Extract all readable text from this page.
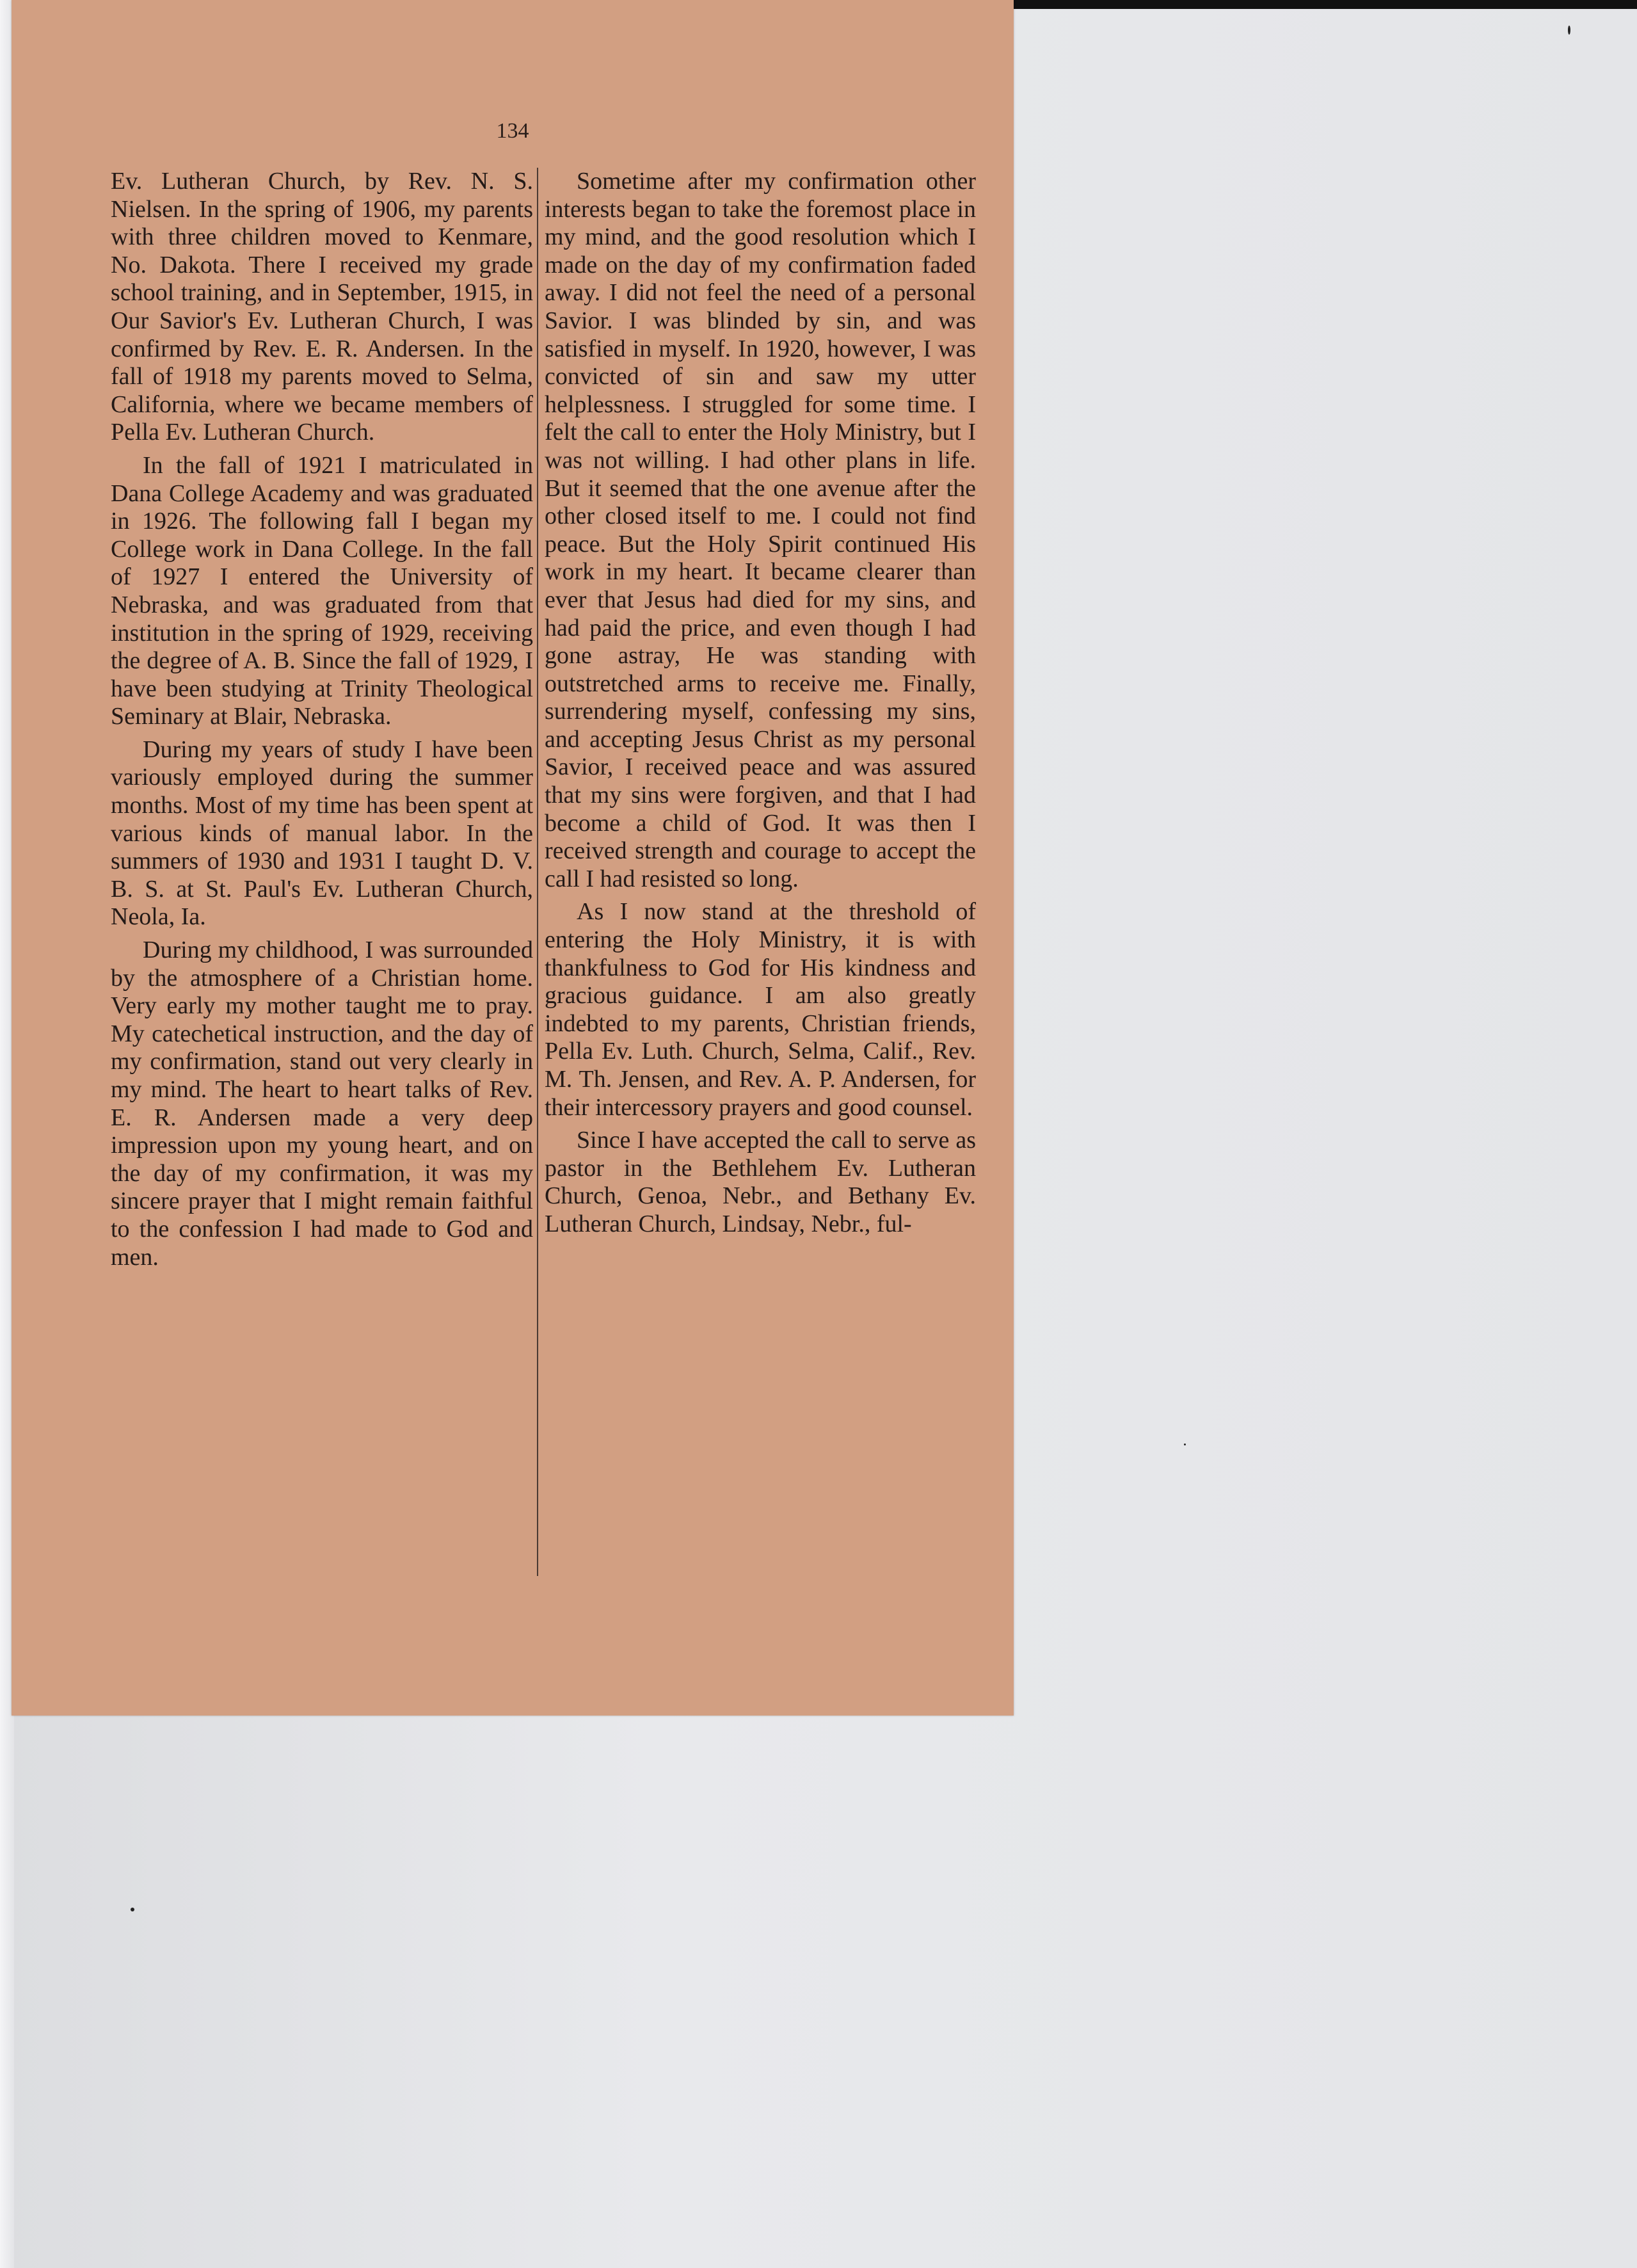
134

Ev. Lutheran Church, by Rev. N. S. Nielsen. In the spring of 1906, my parents with three children moved to Kenmare, No. Dakota. There I received my grade school training, and in September, 1915, in Our Savior's Ev. Lutheran Church, I was confirmed by Rev. E. R. Andersen. In the fall of 1918 my parents moved to Selma, California, where we became members of Pella Ev. Lutheran Church.

In the fall of 1921 I matriculated in Dana College Academy and was graduated in 1926. The following fall I began my College work in Dana College. In the fall of 1927 I entered the University of Nebraska, and was graduated from that institution in the spring of 1929, receiving the degree of A. B. Since the fall of 1929, I have been studying at Trinity Theological Seminary at Blair, Nebraska.

During my years of study I have been variously employed during the summer months. Most of my time has been spent at various kinds of manual labor. In the summers of 1930 and 1931 I taught D. V. B. S. at St. Paul's Ev. Lutheran Church, Neola, Ia.

During my childhood, I was surrounded by the atmosphere of a Christian home. Very early my mother taught me to pray. My catechetical instruction, and the day of my confirmation, stand out very clearly in my mind. The heart to heart talks of Rev. E. R. Andersen made a very deep impression upon my young heart, and on the day of my confirmation, it was my sincere prayer that I might remain faithful to the confession I had made to God and men.

Sometime after my confirmation other interests began to take the foremost place in my mind, and the good resolution which I made on the day of my confirmation faded away. I did not feel the need of a personal Savior. I was blinded by sin, and was satisfied in myself. In 1920, however, I was convicted of sin and saw my utter helplessness. I struggled for some time. I felt the call to enter the Holy Ministry, but I was not willing. I had other plans in life. But it seemed that the one avenue after the other closed itself to me. I could not find peace. But the Holy Spirit continued His work in my heart. It became clearer than ever that Jesus had died for my sins, and had paid the price, and even though I had gone astray, He was standing with outstretched arms to receive me. Finally, surrendering myself, confessing my sins, and accepting Jesus Christ as my personal Savior, I received peace and was assured that my sins were forgiven, and that I had become a child of God. It was then I received strength and courage to accept the call I had resisted so long.

As I now stand at the threshold of entering the Holy Ministry, it is with thankfulness to God for His kindness and gracious guidance. I am also greatly indebted to my parents, Christian friends, Pella Ev. Luth. Church, Selma, Calif., Rev. M. Th. Jensen, and Rev. A. P. Andersen, for their intercessory prayers and good counsel.

Since I have accepted the call to serve as pastor in the Bethlehem Ev. Lutheran Church, Genoa, Nebr., and Bethany Ev. Lutheran Church, Lindsay, Nebr., ful-
